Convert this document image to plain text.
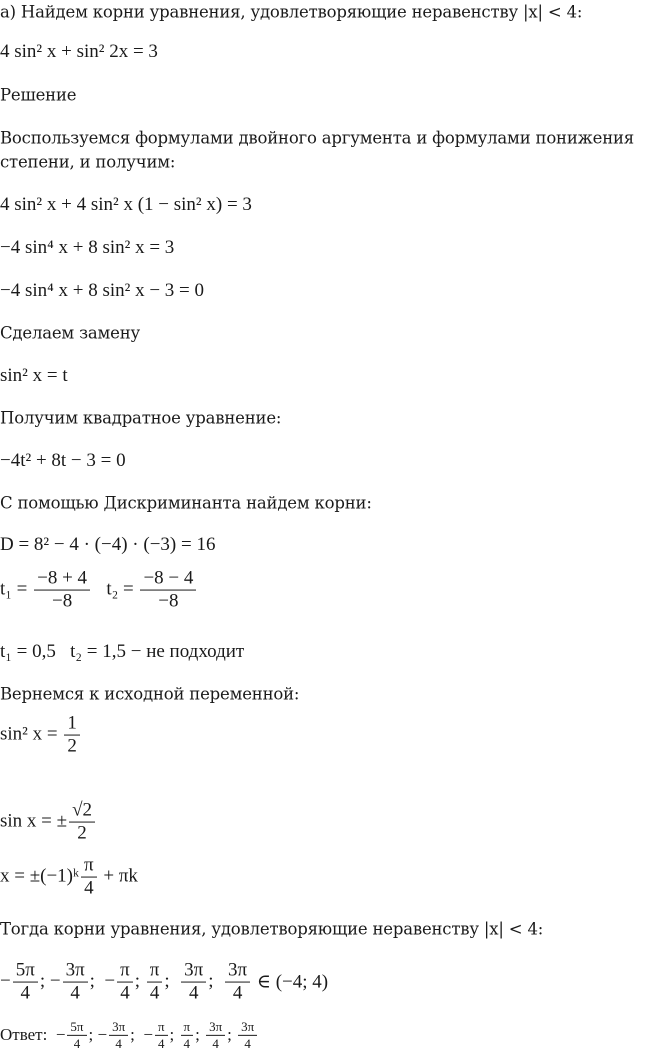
а) Найдем корни уравнения, удовлетворяющие неравенству |x| < 4:
4 sin² x + sin² 2x = 3
Решение
Воспользуемся формулами двойного аргумента и формулами понижения
степени, и получим:
4 sin² x + 4 sin² x (1 − sin² x) = 3
−4 sin⁴ x + 8 sin² x = 3
−4 sin⁴ x + 8 sin² x − 3 = 0
Сделаем замену
sin² x = t
Получим квадратное уравнение:
−4t² + 8t − 3 = 0
С помощью Дискриминанта найдем корни:
D = 8² − 4 · (−4) · (−3) = 16
$t_1 = \frac{-8 + 4}{-8} t_2 = \frac{-8 - 4}{-8}$
t₁ = 0,5   t₂ = 1,5 − не подходит
Вернемся к исходной переменной:
sin² $x = \frac{1}{2}$
sin x = ± $\frac{√2}{2}$
x = ±(−1)ᵏ $\frac{\pi}{4} + \pi k$
Тогда корни уравнения, удовлетворяющие неравенству |x| < 4:
− $\frac{5\pi}{4}$ ; − $\frac{3\pi}{4}$ ;  − $\frac{\pi}{4}$ ; $\frac{\pi}{4}$ ; $\frac{3\pi}{4}$ ; $\frac{3\pi}{4}$ ∈ (−4; 4)
Ответ:  − $\frac{5\pi}{4}$ ; − $\frac{3\pi}{4}$ ;  − $\frac{\pi}{4}$ ; $\frac{\pi}{4}$ ; $\frac{3\pi}{4}$ ; $\frac{3\pi}{4}$
